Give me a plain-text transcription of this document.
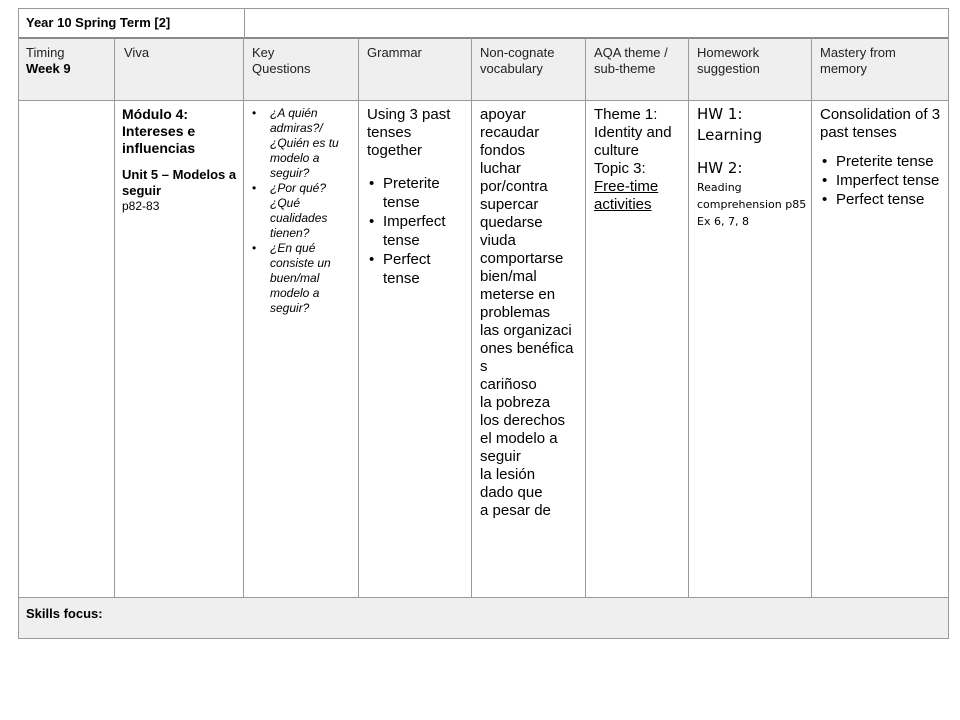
Year 10 Spring Term [2]
Timing
Week 9
Viva	Key Questions
Grammar	Non-cognate vocabulary
AQA theme / sub-theme
Homework suggestion
Mastery from memory
Módulo 4: Intereses e influencias
Unit 5 – Modelos a seguir
p82-83
• ¿A quién admiras?/ ¿Quién es tu modelo a seguir?
• ¿Por qué? ¿Qué cualidades tienen?
• ¿En qué consiste un buen/mal modelo a seguir?
Using 3 past tenses together
• Preterite tense
• Imperfect tense
• Perfect tense
apoyar
recaudar fondos
luchar por/contra
supercar
quedarse viuda
comportarse bien/mal
meterse en problemas
las organizaciones benéficas
cariñoso
la pobreza
los derechos
el modelo a seguir
la lesión
dado que
a pesar de
Theme 1: Identity and culture
Topic 3:
Free-time activities
HW 1:
Learning
HW 2:
Reading comprehension p85 Ex 6, 7, 8
Consolidation of 3 past tenses
• Preterite tense
• Imperfect tense
• Perfect tense
Skills focus:
